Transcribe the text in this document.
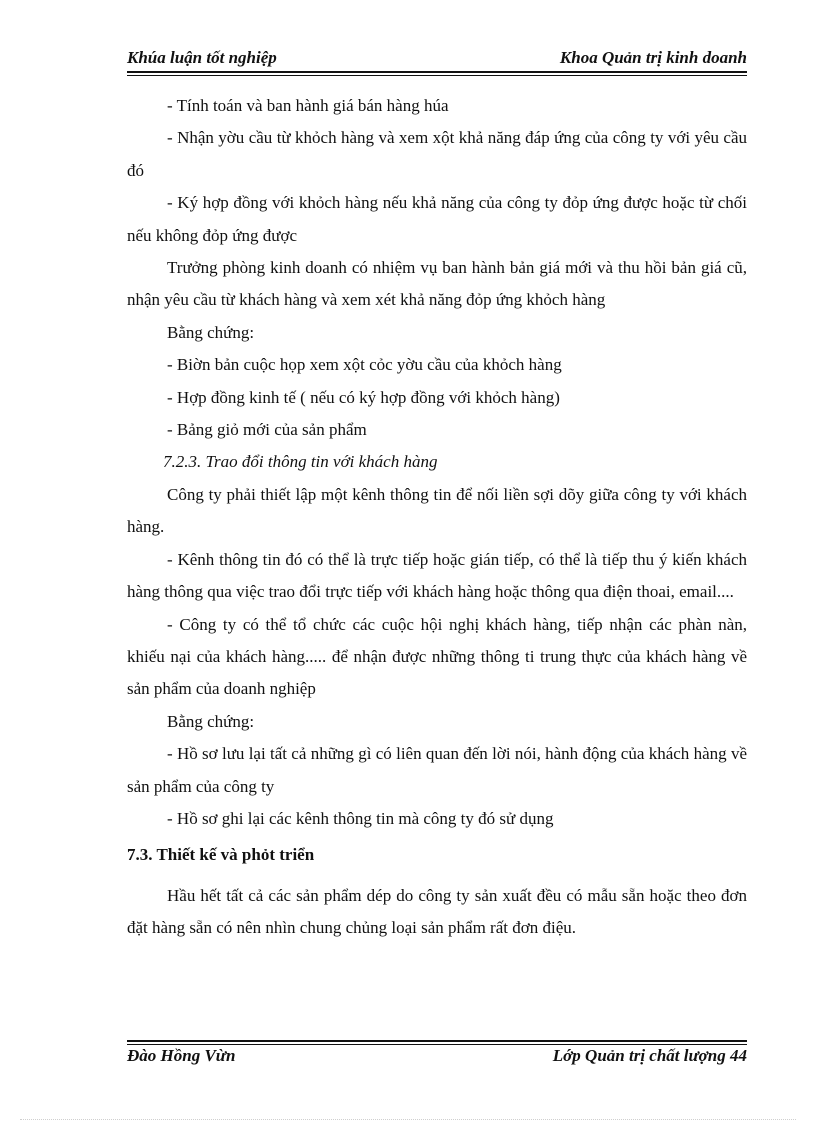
Khúa luận tốt nghiệp	Khoa Quản trị kinh doanh

- Tính toán và ban hành giá bán hàng húa

- Nhận yờu cầu từ khỏch hàng và xem xột khả năng đáp ứng của công ty với yêu cầu đó

- Ký hợp đồng với khỏch hàng nếu khả năng của công ty đỏp ứng được hoặc từ chối nếu không đỏp ứng được

Trưởng phòng kinh doanh có nhiệm vụ ban hành bản giá mới và thu hồi bản giá cũ, nhận yêu cầu từ khách hàng và xem xét khả năng đỏp ứng khỏch hàng

Bằng chứng:

- Biờn bản cuộc họp xem xột cỏc yờu cầu của khỏch hàng

- Hợp đồng kinh tế ( nếu có ký hợp đồng với khỏch hàng)

- Bảng giỏ mới của sản phẩm

7.2.3. Trao đổi thông tin với khách hàng

Công ty phải thiết lập một kênh thông tin để nối liền sợi dõy giữa công ty với khách hàng.

- Kênh thông tin đó có thể là trực tiếp hoặc gián tiếp, có thể là tiếp thu ý kiến khách hàng thông qua việc trao đổi trực tiếp với khách hàng hoặc thông qua điện thoai, email....

- Công ty có thể tổ chức các cuộc hội nghị khách hàng, tiếp nhận các phàn nàn, khiếu nại của khách hàng..... để nhận được những thông ti trung thực của khách hàng về sản phẩm của doanh nghiệp

Bằng chứng:

- Hồ sơ lưu lại tất cả những gì có liên quan đến lời nói, hành động của khách hàng về sản phẩm của công ty

- Hồ sơ ghi lại các kênh thông tin mà công ty đó sử dụng

7.3. Thiết kế và phỏt triển

Hầu hết tất cả các sản phẩm dép do công ty sản xuất đều có mẫu sẵn hoặc theo đơn đặt hàng sẵn có nên nhìn chung chủng loại sản phẩm rất đơn điệu.

Đào Hồng Vừn	Lớp Quản trị chất lượng 44
